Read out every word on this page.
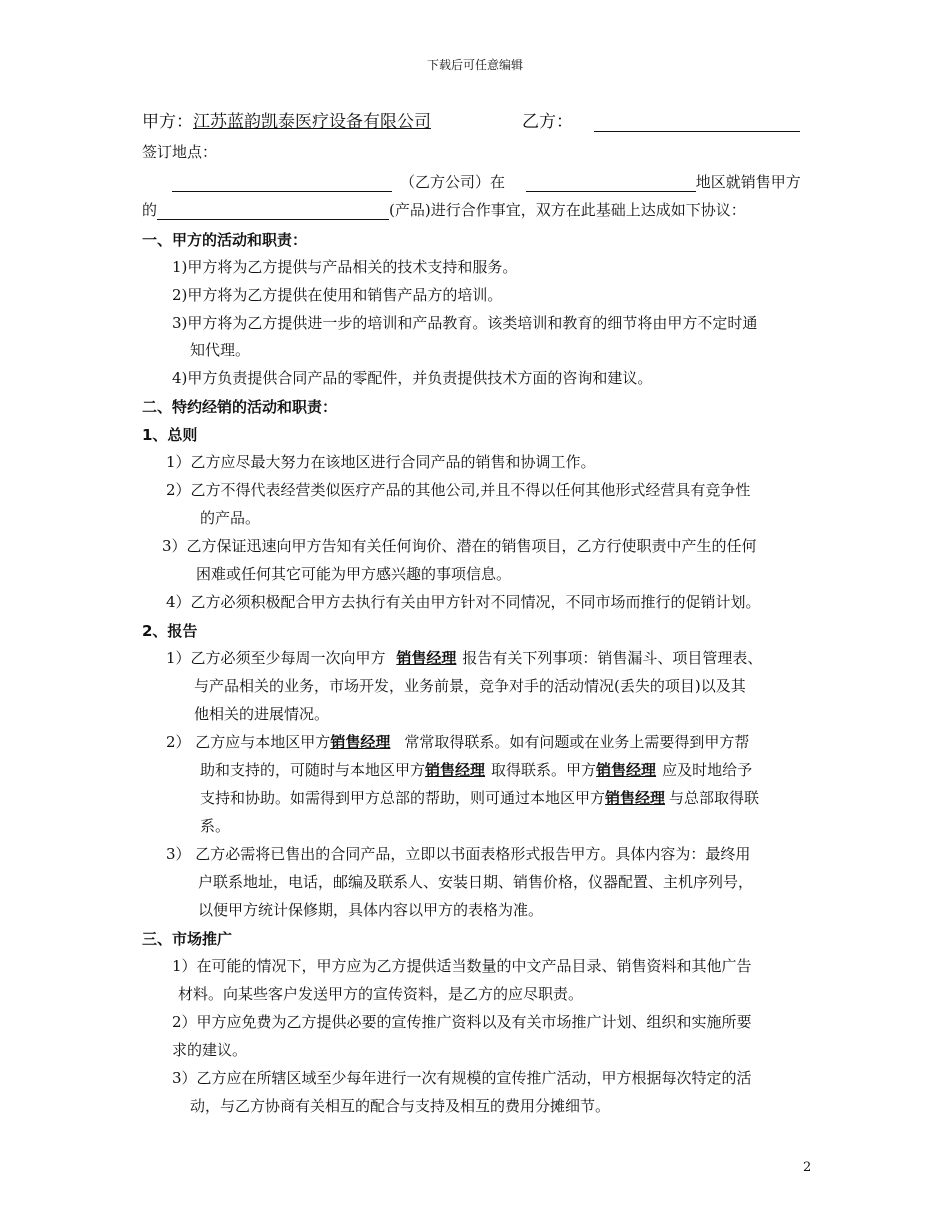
下载后可任意编辑
甲方：江苏蓝韵凯泰医疗设备有限公司	乙方：
签订地点：
（乙方公司）在	地区就销售甲方
的	(产品)进行合作事宜，双方在此基础上达成如下协议：
一、甲方的活动和职责：
1)甲方将为乙方提供与产品相关的技术支持和服务。
2)甲方将为乙方提供在使用和销售产品方的培训。
3)甲方将为乙方提供进一步的培训和产品教育。该类培训和教育的细节将由甲方不定时通
知代理。
4)甲方负责提供合同产品的零配件，并负责提供技术方面的咨询和建议。
二、特约经销的活动和职责：
1、总则
1）乙方应尽最大努力在该地区进行合同产品的销售和协调工作。
2）乙方不得代表经营类似医疗产品的其他公司,并且不得以任何其他形式经营具有竞争性
的产品。
3）乙方保证迅速向甲方告知有关任何询价、潜在的销售项目，乙方行使职责中产生的任何
困难或任何其它可能为甲方感兴趣的事项信息。
4）乙方必须积极配合甲方去执行有关由甲方针对不同情况，不同市场而推行的促销计划。
2、报告
1）乙方必须至少每周一次向甲方 销售经理 报告有关下列事项：销售漏斗、项目管理表、
与产品相关的业务，市场开发，业务前景，竞争对手的活动情况(丢失的项目)以及其
他相关的进展情况。
2） 乙方应与本地区甲方销售经理 常常取得联系。如有问题或在业务上需要得到甲方帮
助和支持的，可随时与本地区甲方销售经理 取得联系。甲方销售经理 应及时地给予
支持和协助。如需得到甲方总部的帮助，则可通过本地区甲方销售经理 与总部取得联
系。
3） 乙方必需将已售出的合同产品，立即以书面表格形式报告甲方。具体内容为：最终用
户联系地址，电话，邮编及联系人、安装日期、销售价格，仪器配置、主机序列号，
以便甲方统计保修期，具体内容以甲方的表格为准。
三、市场推广
1）在可能的情况下，甲方应为乙方提供适当数量的中文产品目录、销售资料和其他广告
材料。向某些客户发送甲方的宣传资料，是乙方的应尽职责。
2）甲方应免费为乙方提供必要的宣传推广资料以及有关市场推广计划、组织和实施所要
求的建议。
3）乙方应在所辖区域至少每年进行一次有规模的宣传推广活动，甲方根据每次特定的活
动，与乙方协商有关相互的配合与支持及相互的费用分摊细节。
2
